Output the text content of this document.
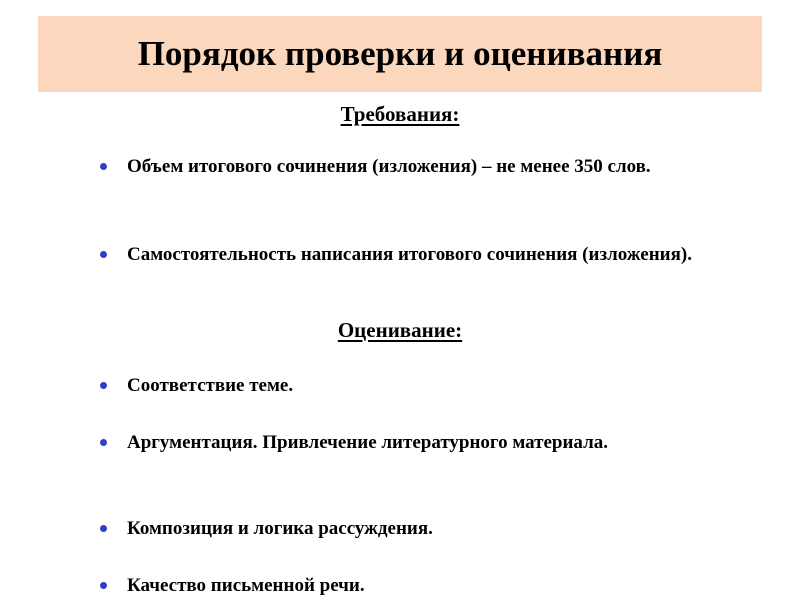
Порядок проверки и оценивания
Требования:
Объем итогового сочинения (изложения) – не менее 350 слов.
Самостоятельность написания итогового сочинения (изложения).
Оценивание:
Соответствие теме.
Аргументация. Привлечение литературного материала.
Композиция и логика рассуждения.
Качество письменной речи.
